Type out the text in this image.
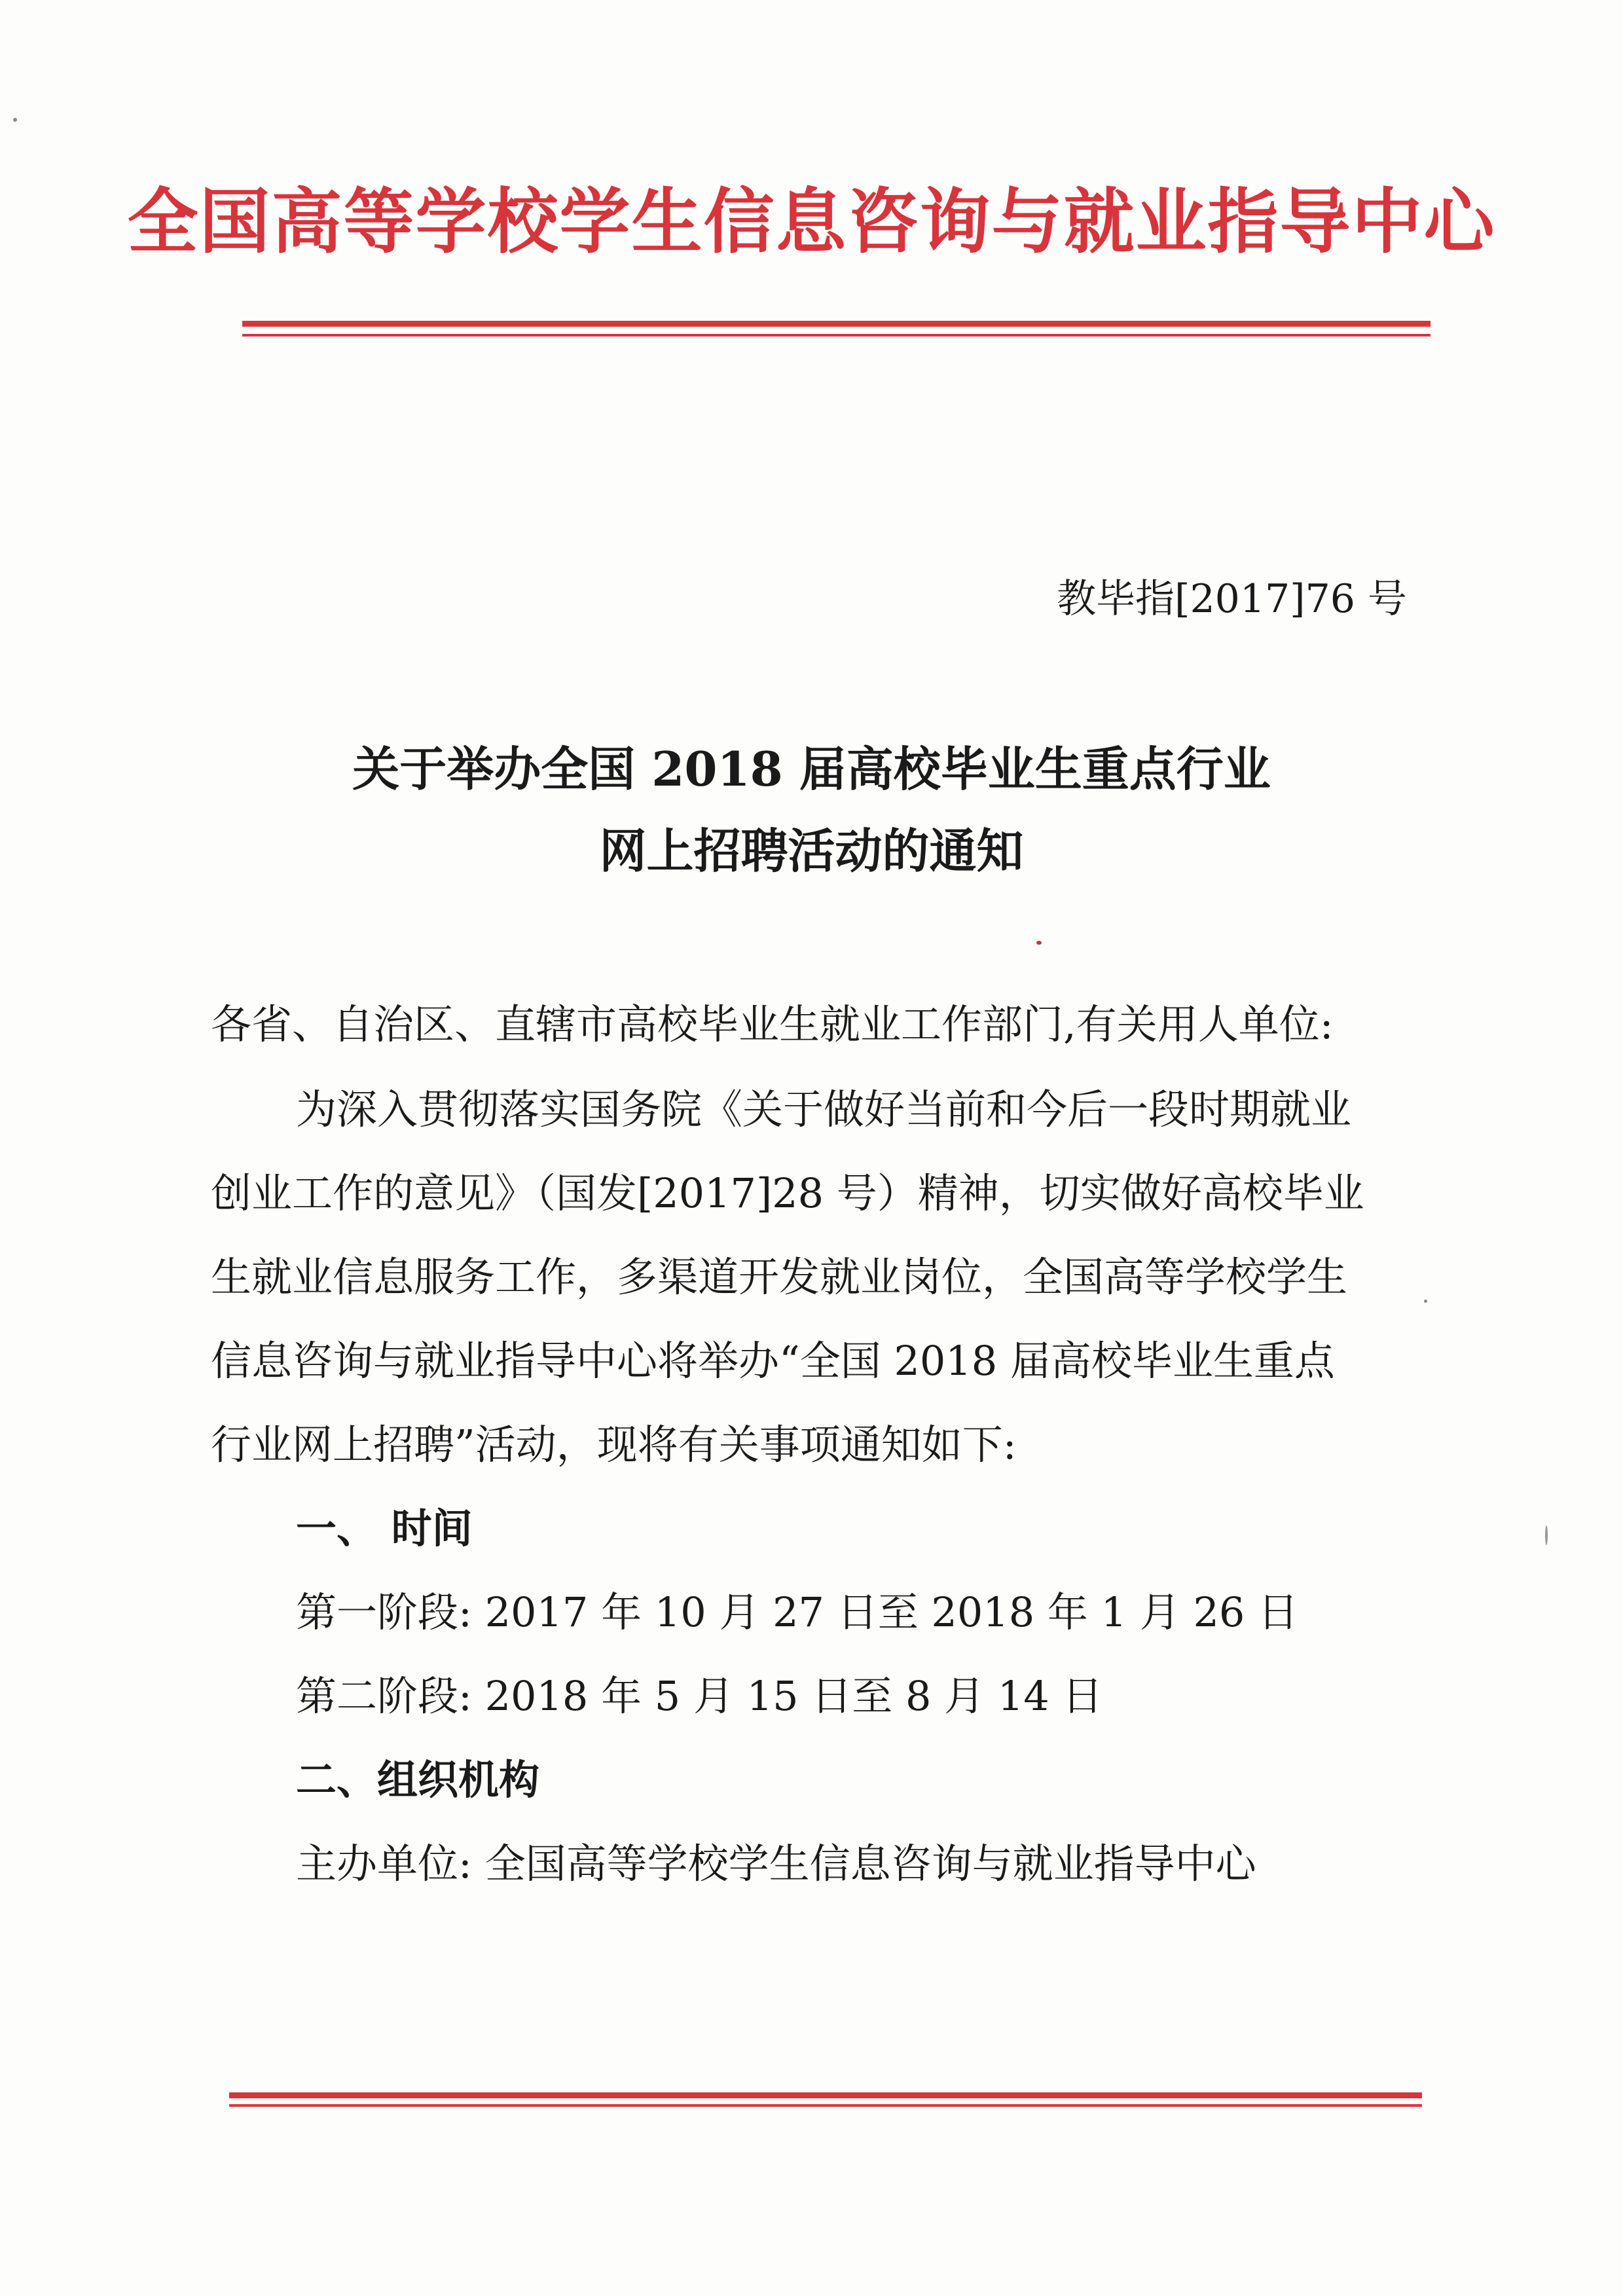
全国高等学校学生信息咨询与就业指导中心
教毕指[2017]76 号
关于举办全国 2018 届高校毕业生重点行业
网上招聘活动的通知
各省、自治区、直辖市高校毕业生就业工作部门,有关用人单位:
为深入贯彻落实国务院《关于做好当前和今后一段时期就业
创业工作的意见》（国发[2017]28 号）精神，切实做好高校毕业
生就业信息服务工作，多渠道开发就业岗位，全国高等学校学生
信息咨询与就业指导中心将举办“全国 2018 届高校毕业生重点
行业网上招聘”活动，现将有关事项通知如下:
一、 时间
第一阶段: 2017 年 10 月 27 日至 2018 年 1 月 26 日
第二阶段: 2018 年 5 月 15 日至 8 月 14 日
二、组织机构
主办单位: 全国高等学校学生信息咨询与就业指导中心
